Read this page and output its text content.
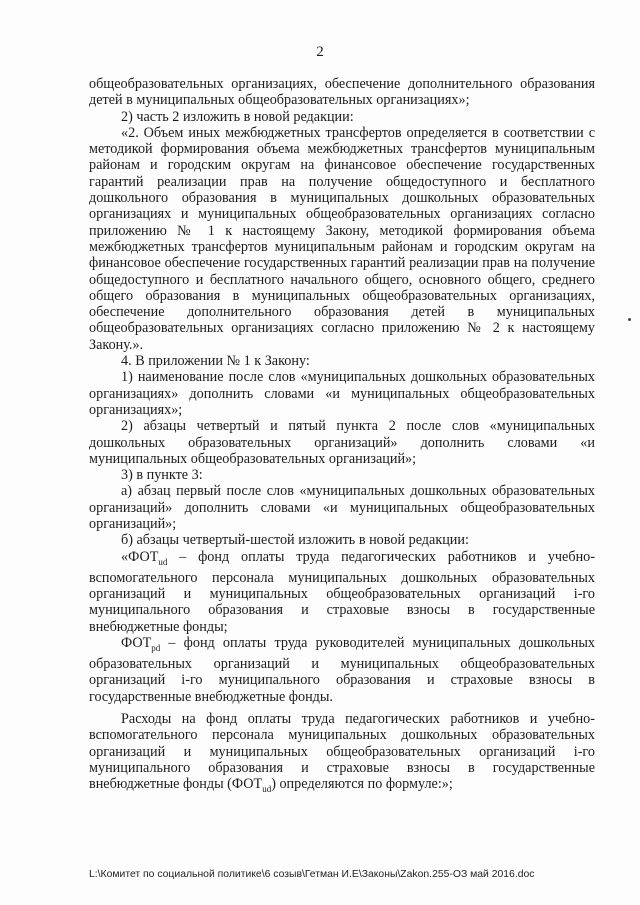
2

общеобразовательных организациях, обеспечение дополнительного образования детей в муниципальных общеобразовательных организациях»;

2) часть 2 изложить в новой редакции:

«2. Объем иных межбюджетных трансфертов определяется в соответствии с методикой формирования объема межбюджетных трансфертов муниципальным районам и городским округам на финансовое обеспечение государственных гарантий реализации прав на получение общедоступного и бесплатного дошкольного образования в муниципальных дошкольных образовательных организациях и муниципальных общеобразовательных организациях согласно приложению № 1 к настоящему Закону, методикой формирования объема межбюджетных трансфертов муниципальным районам и городским округам на финансовое обеспечение государственных гарантий реализации прав на получение общедоступного и бесплатного начального общего, основного общего, среднего общего образования в муниципальных общеобразовательных организациях, обеспечение дополнительного образования детей в муниципальных общеобразовательных организациях согласно приложению № 2 к настоящему Закону.».

4. В приложении № 1 к Закону:

1) наименование после слов «муниципальных дошкольных образовательных организациях» дополнить словами «и муниципальных общеобразовательных организациях»;

2) абзацы четвертый и пятый пункта 2 после слов «муниципальных дошкольных образовательных организаций» дополнить словами «и муниципальных общеобразовательных организаций»;

3) в пункте 3:

а) абзац первый после слов «муниципальных дошкольных образовательных организаций» дополнить словами «и муниципальных общеобразовательных организаций»;

б) абзацы четвертый-шестой изложить в новой редакции:

«$ФОТ_{ud}$ – фонд оплаты труда педагогических работников и учебно-вспомогательного персонала муниципальных дошкольных образовательных организаций и муниципальных общеобразовательных организаций i-го муниципального образования и страховые взносы в государственные внебюджетные фонды;

$ФОТ_{pd}$ – фонд оплаты труда руководителей муниципальных дошкольных образовательных организаций и муниципальных общеобразовательных организаций i-го муниципального образования и страховые взносы в государственные внебюджетные фонды.

Расходы на фонд оплаты труда педагогических работников и учебно-вспомогательного персонала муниципальных дошкольных образовательных организаций и муниципальных общеобразовательных организаций i-го муниципального образования и страховые взносы в государственные внебюджетные фонды $(ФОТ_{ud})$ определяются по формуле:»;

L:\Комитет по социальной политике\6 созыв\Гетман И.Е\Законы\Zakon.255-ОЗ май 2016.doc
